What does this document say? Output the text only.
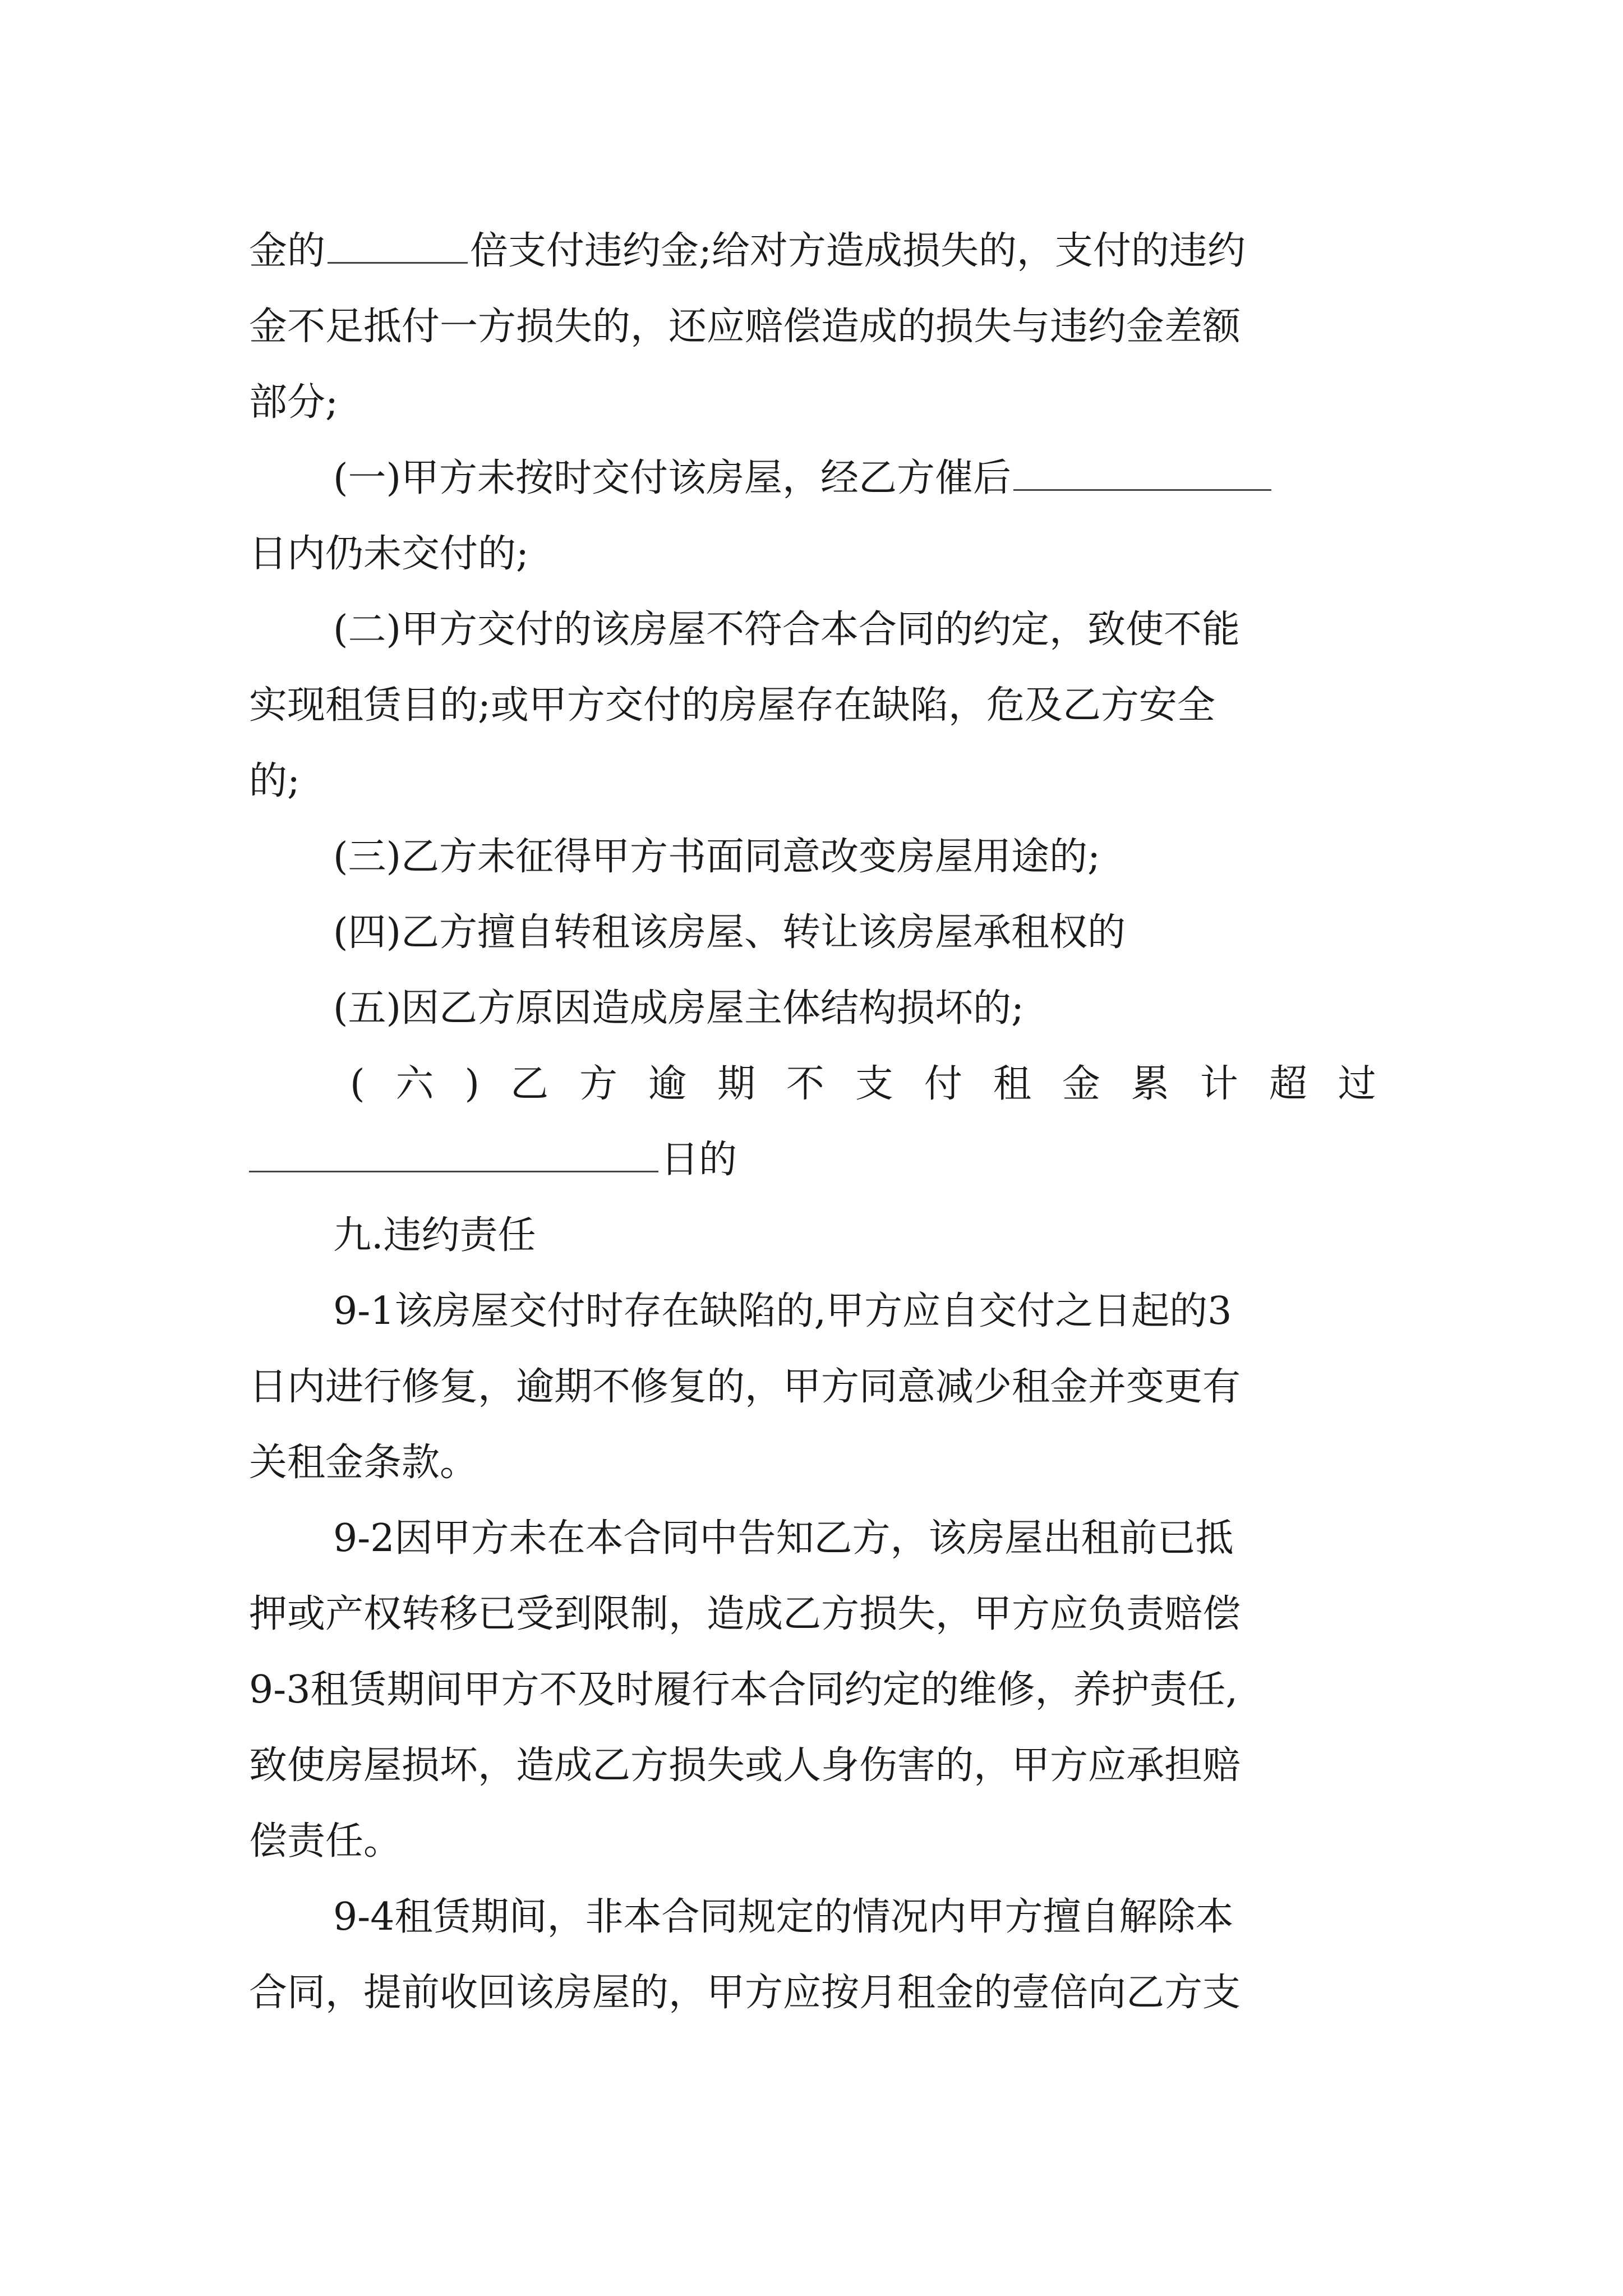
金的	倍支付违约金;给对方造成损失的，支付的违约
金不足抵付一方损失的，还应赔偿造成的损失与违约金差额
部分;
(一)甲方未按时交付该房屋，经乙方催后
日内仍未交付的;
(二)甲方交付的该房屋不符合本合同的约定，致使不能
实现租赁目的;或甲方交付的房屋存在缺陷，危及乙方安全
的;
(三)乙方未征得甲方书面同意改变房屋用途的;
(四)乙方擅自转租该房屋、转让该房屋承租权的
(五)因乙方原因造成房屋主体结构损坏的;
( 六 ) 乙 方 逾 期 不 支 付 租 金 累 计 超 过
日的
九.违约责任
9-1该房屋交付时存在缺陷的,甲方应自交付之日起的3
日内进行修复，逾期不修复的，甲方同意减少租金并变更有
关租金条款。
9-2因甲方未在本合同中告知乙方，该房屋出租前已抵
押或产权转移已受到限制，造成乙方损失，甲方应负责赔偿
9-3租赁期间甲方不及时履行本合同约定的维修，养护责任,
致使房屋损坏，造成乙方损失或人身伤害的，甲方应承担赔
偿责任。
9-4租赁期间，非本合同规定的情况内甲方擅自解除本
合同，提前收回该房屋的，甲方应按月租金的壹倍向乙方支
